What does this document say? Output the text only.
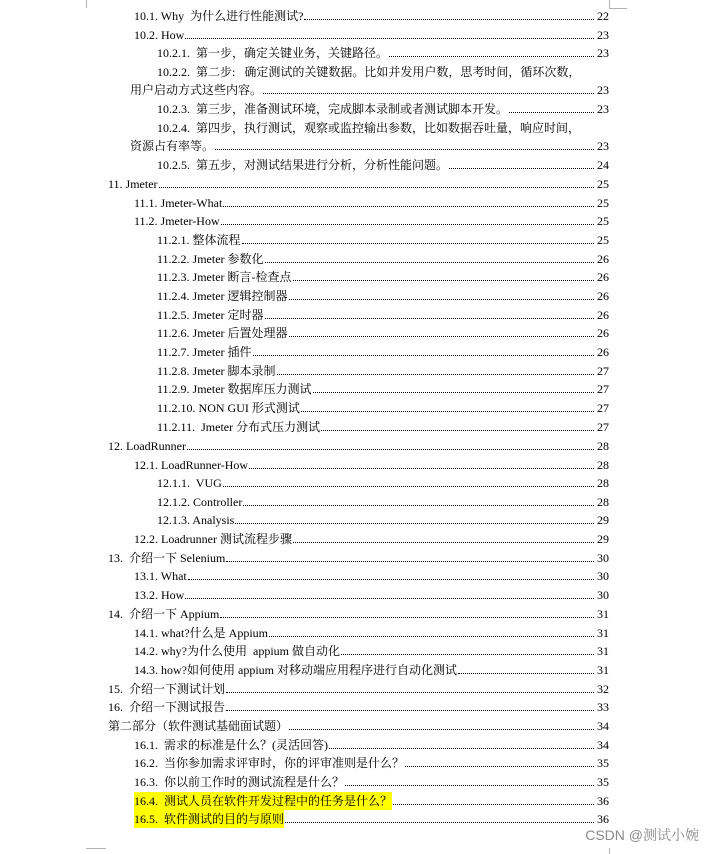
10.1. Why  为什么进行性能测试?	22
10.2. How	23
10.2.1.  第一步，确定关键业务，关键路径。	23
10.2.2.  第二步:   确定测试的关键数据。比如并发用户数，思考时间，循环次数，
用户启动方式这些内容。	23
10.2.3.  第三步，准备测试环境，完成脚本录制或者测试脚本开发。	23
10.2.4.  第四步，执行测试，观察或监控输出参数，比如数据吞吐量，响应时间，
资源占有率等。	23
10.2.5.  第五步，对测试结果进行分析，分析性能问题。	24
11. Jmeter	25
11.1. Jmeter-What	25
11.2. Jmeter-How	25
11.2.1. 整体流程	25
11.2.2. Jmeter 参数化	26
11.2.3. Jmeter 断言-检查点	26
11.2.4. Jmeter 逻辑控制器	26
11.2.5. Jmeter 定时器	26
11.2.6. Jmeter 后置处理器	26
11.2.7. Jmeter 插件	26
11.2.8. Jmeter 脚本录制	27
11.2.9. Jmeter 数据库压力测试	27
11.2.10. NON GUI 形式测试	27
11.2.11.  Jmeter 分布式压力测试	27
12. LoadRunner	28
12.1. LoadRunner-How	28
12.1.1.  VUG	28
12.1.2. Controller	28
12.1.3. Analysis	29
12.2. Loadrunner 测试流程步骤	29
13.  介绍一下 Selenium	30
13.1. What	30
13.2. How	30
14.  介绍一下 Appium	31
14.1. what?什么是 Appium	31
14.2. why?为什么使用  appium 做自动化	31
14.3. how?如何使用 appium 对移动端应用程序进行自动化测试	31
15.  介绍一下测试计划	32
16.  介绍一下测试报告	33
第二部分（软件测试基础面试题）	34
16.1.  需求的标准是什么？(灵活回答)	34
16.2.  当你参加需求评审时，你的评审准则是什么？	35
16.3.  你以前工作时的测试流程是什么？	35
16.4.  测试人员在软件开发过程中的任务是什么？	36
16.5.  软件测试的目的与原则	36
CSDN @测试小婉
